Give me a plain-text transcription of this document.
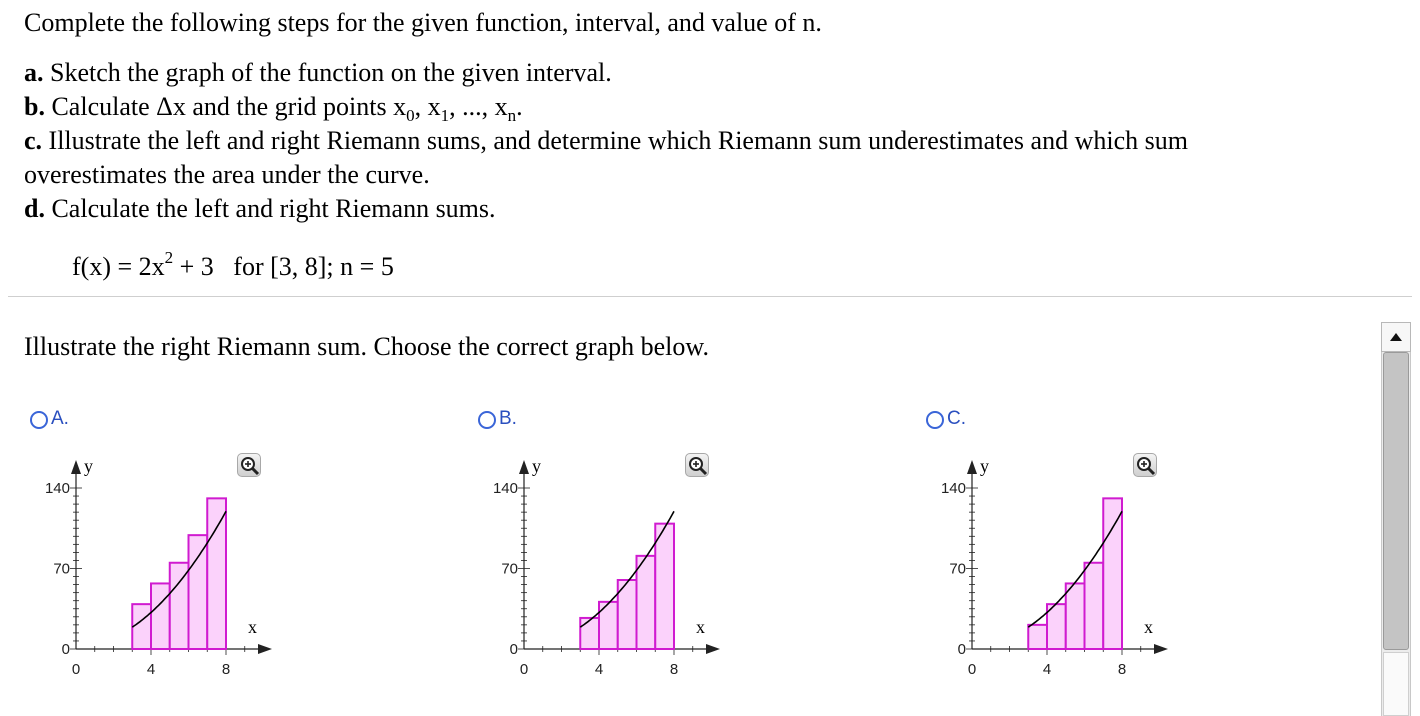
Complete the following steps for the given function, interval, and value of n.
a. Sketch the graph of the function on the given interval.
b. Calculate Δx and the grid points $x_0$, $x_1$, ..., $x_n$.
c. Illustrate the left and right Riemann sums, and determine which Riemann sum underestimates and which sum
overestimates the area under the curve.
d. Calculate the left and right Riemann sums.
$f(x) = 2x^2 + 3$   for [3, 8]; n = 5
Illustrate the right Riemann sum. Choose the correct graph below.
A.
140
70
0
0	4	8
y
x
B.
140
70
0
0	4	8
y
x
C.
140
70
0
0	4	8
y
x
